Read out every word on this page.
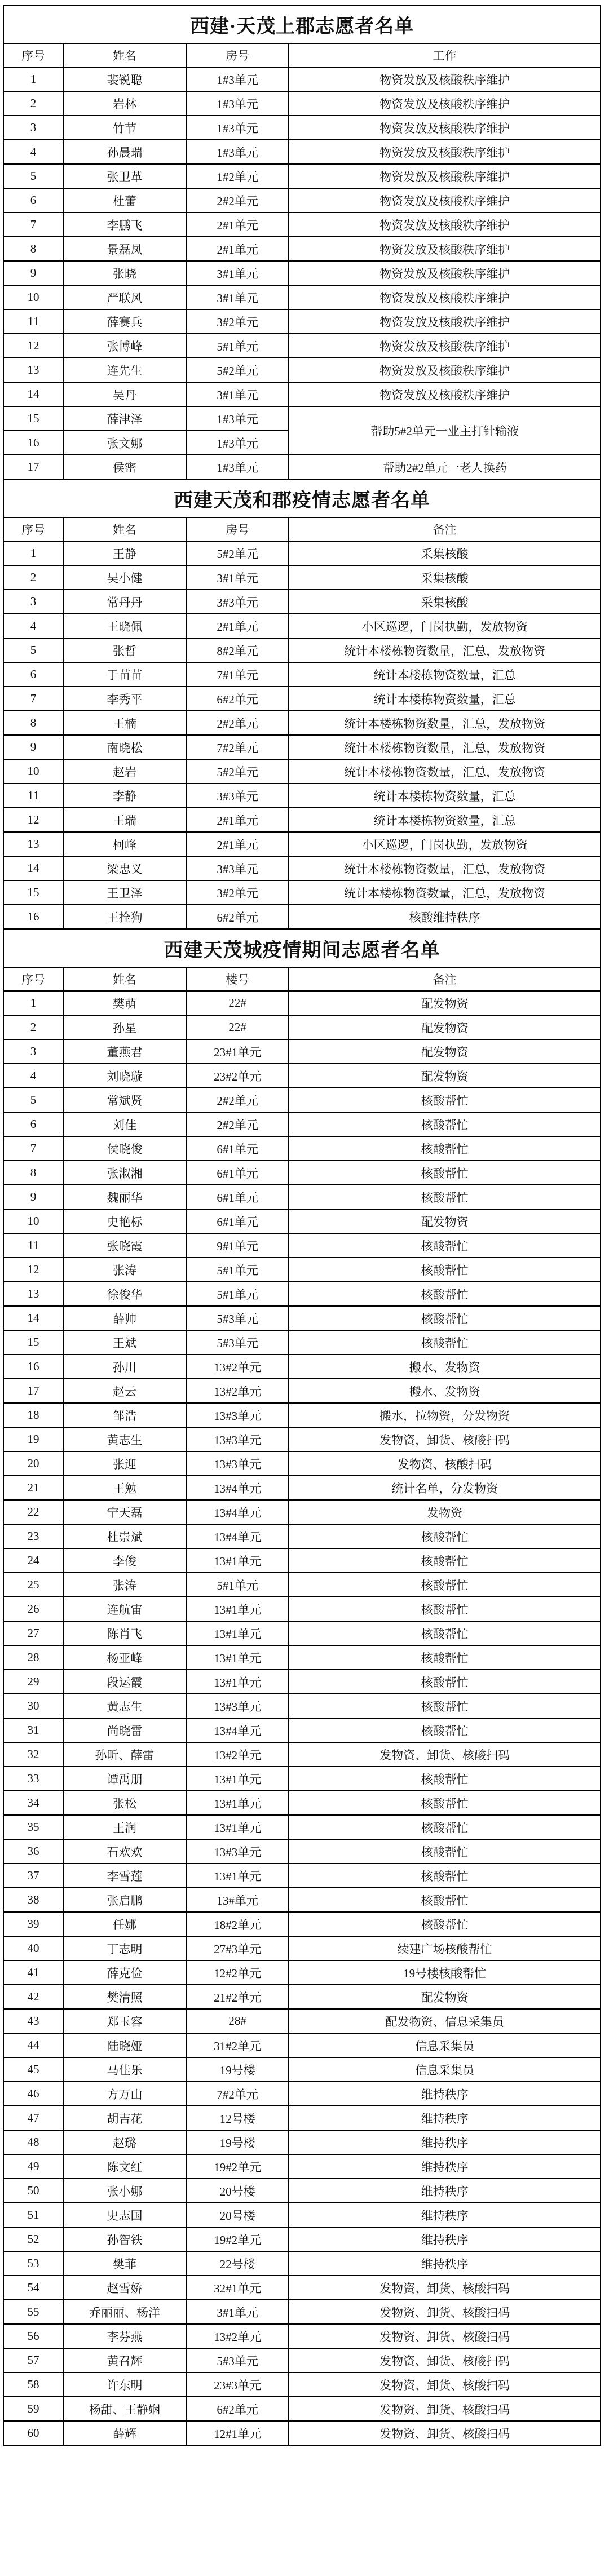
西建·天茂上郡志愿者名单			
序号	姓名	房号	工作
1	裴锐聪	1#3单元	物资发放及核酸秩序维护
2	岩林	1#3单元	物资发放及核酸秩序维护
3	竹节	1#3单元	物资发放及核酸秩序维护
4	孙晨瑞	1#3单元	物资发放及核酸秩序维护
5	张卫革	1#2单元	物资发放及核酸秩序维护
6	杜蕾	2#2单元	物资发放及核酸秩序维护
7	李鹏飞	2#1单元	物资发放及核酸秩序维护
8	景磊凤	2#1单元	物资发放及核酸秩序维护
9	张晓	3#1单元	物资发放及核酸秩序维护
10	严联风	3#1单元	物资发放及核酸秩序维护
11	薛赛兵	3#2单元	物资发放及核酸秩序维护
12	张博峰	5#1单元	物资发放及核酸秩序维护
13	连先生	5#2单元	物资发放及核酸秩序维护
14	吴丹	3#1单元	物资发放及核酸秩序维护
15	薛津泽	1#3单元	帮助5#2单元一业主打针输液
16	张文娜	1#3单元	
17	侯密	1#3单元	帮助2#2单元一老人换药
西建天茂和郡疫情志愿者名单			
序号	姓名	房号	备注
1	王静	5#2单元	采集核酸
2	吴小健	3#1单元	采集核酸
3	常丹丹	3#3单元	采集核酸
4	王晓佩	2#1单元	小区巡逻，门岗执勤，发放物资
5	张哲	8#2单元	统计本楼栋物资数量，汇总，发放物资
6	于苗苗	7#1单元	统计本楼栋物资数量，汇总
7	李秀平	6#2单元	统计本楼栋物资数量，汇总
8	王楠	2#2单元	统计本楼栋物资数量，汇总，发放物资
9	南晓松	7#2单元	统计本楼栋物资数量，汇总，发放物资
10	赵岩	5#2单元	统计本楼栋物资数量，汇总，发放物资
11	李静	3#3单元	统计本楼栋物资数量，汇总
12	王瑞	2#1单元	统计本楼栋物资数量，汇总
13	柯峰	2#1单元	小区巡逻，门岗执勤，发放物资
14	梁忠义	3#3单元	统计本楼栋物资数量，汇总，发放物资
15	王卫泽	3#2单元	统计本楼栋物资数量，汇总，发放物资
16	王拴狗	6#2单元	核酸维持秩序
西建天茂城疫情期间志愿者名单			
序号	姓名	楼号	备注
1	樊萌	22#	配发物资
2	孙星	22#	配发物资
3	董燕君	23#1单元	配发物资
4	刘晓璇	23#2单元	配发物资
5	常斌贤	2#2单元	核酸帮忙
6	刘佳	2#2单元	核酸帮忙
7	侯晓俊	6#1单元	核酸帮忙
8	张淑湘	6#1单元	核酸帮忙
9	魏丽华	6#1单元	核酸帮忙
10	史艳标	6#1单元	配发物资
11	张晓霞	9#1单元	核酸帮忙
12	张涛	5#1单元	核酸帮忙
13	徐俊华	5#1单元	核酸帮忙
14	薛帅	5#3单元	核酸帮忙
15	王斌	5#3单元	核酸帮忙
16	孙川	13#2单元	搬水、发物资
17	赵云	13#2单元	搬水、发物资
18	邹浩	13#3单元	搬水，拉物资，分发物资
19	黄志生	13#3单元	发物资，卸货、核酸扫码
20	张迎	13#3单元	发物资、核酸扫码
21	王勉	13#4单元	统计名单，分发物资
22	宁天磊	13#4单元	发物资
23	杜崇斌	13#4单元	核酸帮忙
24	李俊	13#1单元	核酸帮忙
25	张涛	5#1单元	核酸帮忙
26	连航宙	13#1单元	核酸帮忙
27	陈肖飞	13#1单元	核酸帮忙
28	杨亚峰	13#1单元	核酸帮忙
29	段运霞	13#1单元	核酸帮忙
30	黄志生	13#3单元	核酸帮忙
31	尚晓雷	13#4单元	核酸帮忙
32	孙昕、薛雷	13#2单元	发物资、卸货、核酸扫码
33	谭禹朋	13#1单元	核酸帮忙
34	张松	13#1单元	核酸帮忙
35	王润	13#1单元	核酸帮忙
36	石欢欢	13#3单元	核酸帮忙
37	李雪莲	13#1单元	核酸帮忙
38	张启鹏	13#单元	核酸帮忙
39	任娜	18#2单元	核酸帮忙
40	丁志明	27#3单元	续建广场核酸帮忙
41	薛克俭	12#2单元	19号楼核酸帮忙
42	樊清照	21#2单元	配发物资
43	郑玉容	28#	配发物资、信息采集员
44	陆晓娅	31#2单元	信息采集员
45	马佳乐	19号楼	信息采集员
46	方万山	7#2单元	维持秩序
47	胡吉花	12号楼	维持秩序
48	赵璐	19号楼	维持秩序
49	陈文红	19#2单元	维持秩序
50	张小娜	20号楼	维持秩序
51	史志国	20号楼	维持秩序
52	孙智铁	19#2单元	维持秩序
53	樊菲	22号楼	维持秩序
54	赵雪娇	32#1单元	发物资、卸货、核酸扫码
55	乔丽丽、杨洋	3#1单元	发物资、卸货、核酸扫码
56	李芬燕	13#2单元	发物资、卸货、核酸扫码
57	黄召辉	5#3单元	发物资、卸货、核酸扫码
58	许东明	23#3单元	发物资、卸货、核酸扫码
59	杨甜、王静娴	6#2单元	发物资、卸货、核酸扫码
60	薛辉	12#1单元	发物资、卸货、核酸扫码
